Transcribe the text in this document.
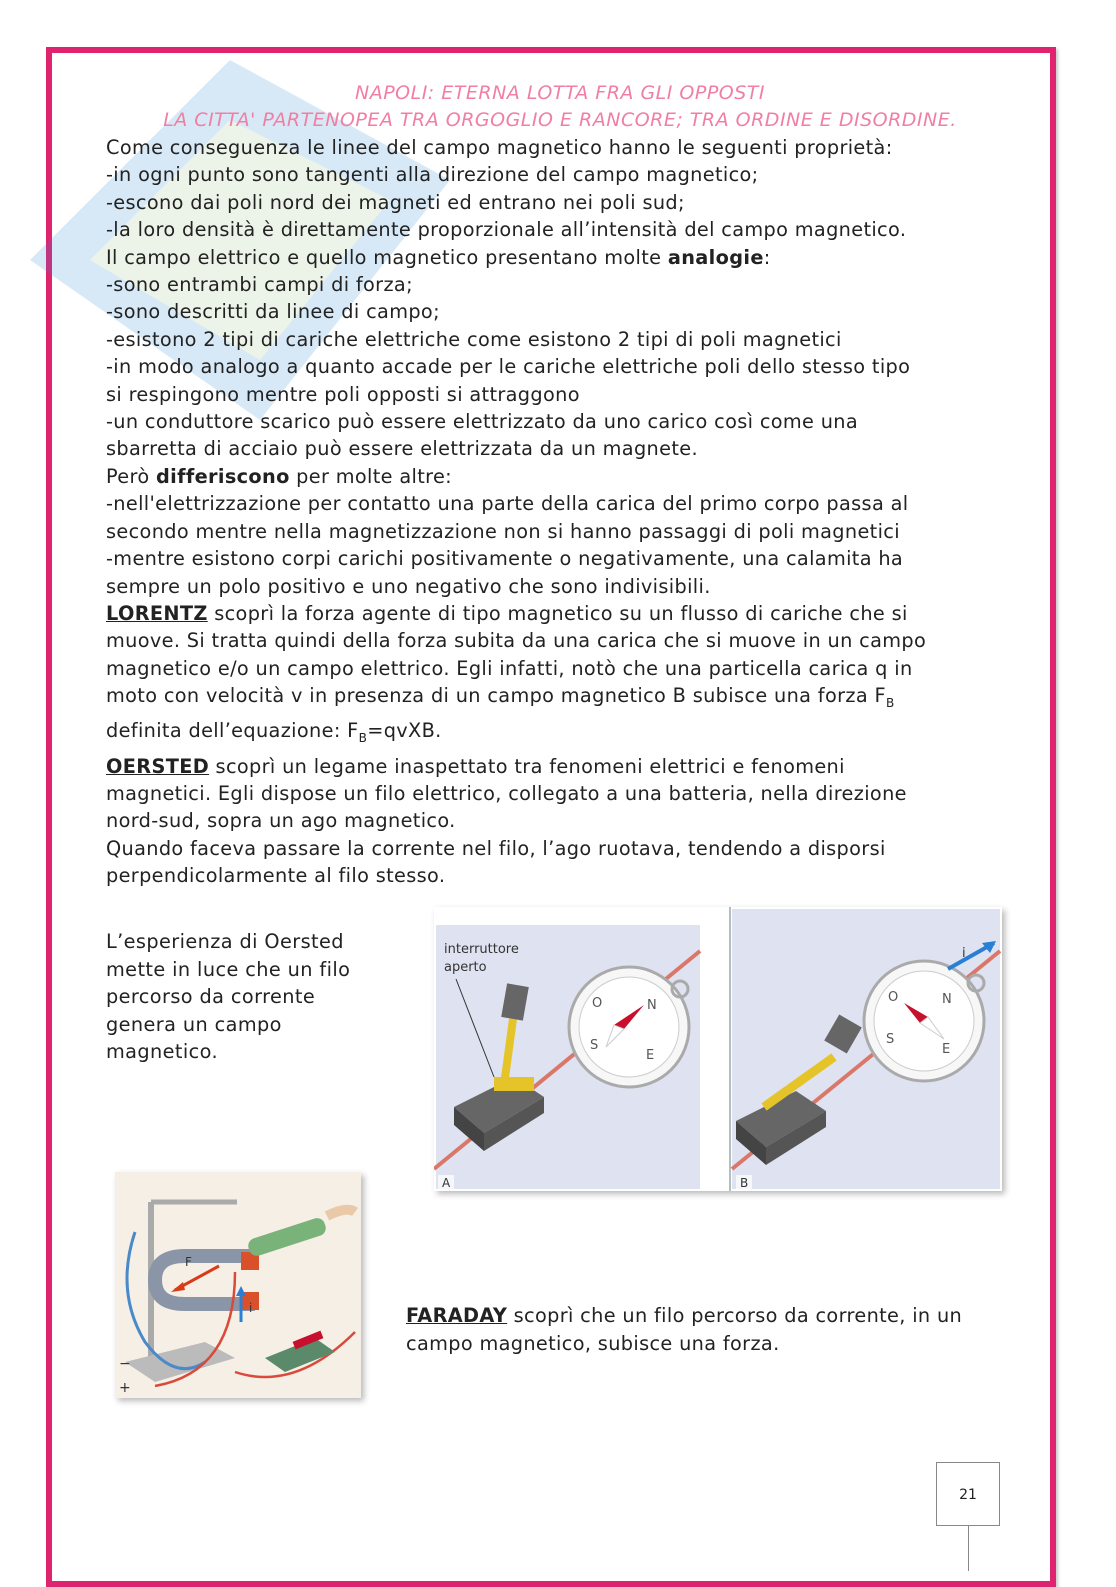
NAPOLI: ETERNA LOTTA FRA GLI OPPOSTI
LA CITTA' PARTENOPEA TRA ORGOGLIO E RANCORE; TRA ORDINE E DISORDINE.

Come conseguenza le linee del campo magnetico hanno le seguenti proprietà:

-in ogni punto sono tangenti alla direzione del campo magnetico;

-escono dai poli nord dei magneti ed entrano nei poli sud;

-la loro densità è direttamente proporzionale all’intensità del campo magnetico.

Il campo elettrico e quello magnetico presentano molte analogie:

-sono entrambi campi di forza;

-sono descritti da linee di campo;

-esistono 2 tipi di cariche elettriche come esistono 2 tipi di poli magnetici

-in modo analogo a quanto accade per le cariche elettriche poli dello stesso tipo

si respingono mentre poli opposti si attraggono

-un conduttore scarico può essere elettrizzato da uno carico così come una

sbarretta di acciaio può essere elettrizzata da un magnete.

Però differiscono per molte altre:

-nell'elettrizzazione per contatto una parte della carica del primo corpo passa al

secondo mentre nella magnetizzazione non si hanno passaggi di poli magnetici

-mentre esistono corpi carichi positivamente o negativamente, una calamita ha

sempre un polo positivo e uno negativo che sono indivisibili.

LORENTZ scoprì la forza agente di tipo magnetico su un flusso di cariche che si

muove. Si tratta quindi della forza subita da una carica che si muove in un campo

magnetico e/o un campo elettrico. Egli infatti, notò che una particella carica q in

moto con velocità v in presenza di un campo magnetico B subisce una forza $F_B$

definita dell’equazione: $F_B=qvXB$.

OERSTED scoprì un legame inaspettato tra fenomeni elettrici e fenomeni

magnetici. Egli dispose un filo elettrico, collegato a una batteria, nella direzione

nord-sud, sopra un ago magnetico.

Quando faceva passare la corrente nel filo, l’ago ruotava, tendendo a disporsi

perpendicolarmente al filo stesso.

L’esperienza di Oersted

mette in luce che un filo

percorso da corrente

genera un campo

magnetico.

O	N
S
E
interruttore
aperto
A
O	N
S
E
i
B
F
i
−
+

FARADAY scoprì che un filo percorso da corrente, in un

campo magnetico, subisce una forza.

21
